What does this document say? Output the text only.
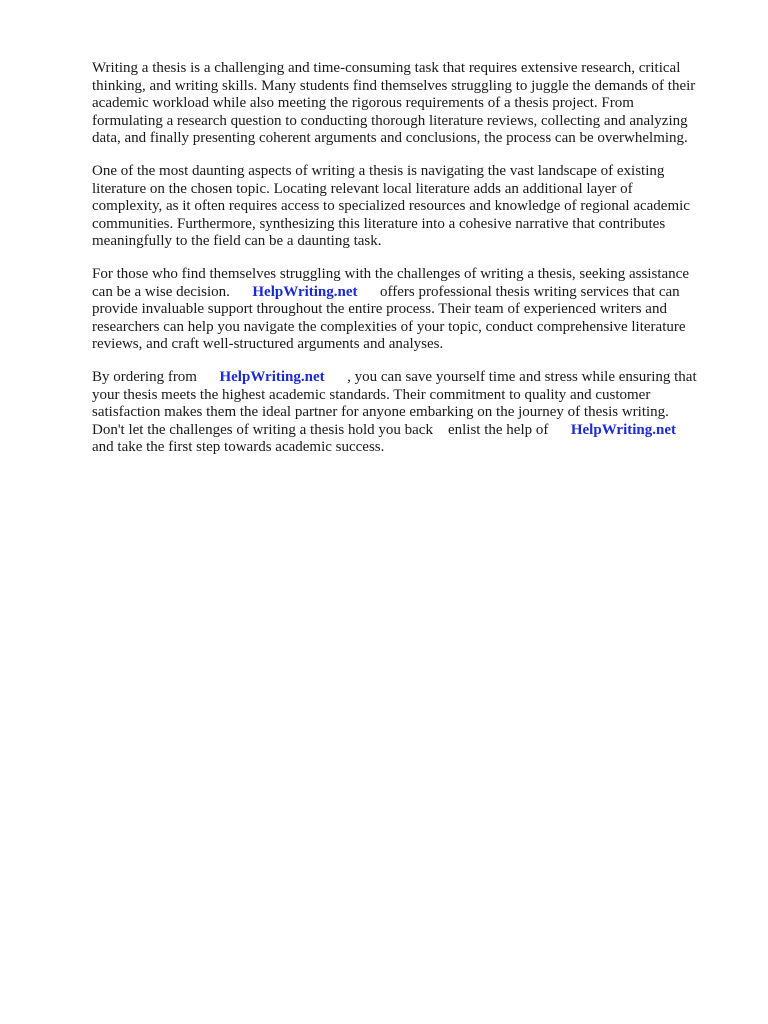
Writing a thesis is a challenging and time-consuming task that requires extensive research, critical
thinking, and writing skills. Many students find themselves struggling to juggle the demands of their
academic workload while also meeting the rigorous requirements of a thesis project. From
formulating a research question to conducting thorough literature reviews, collecting and analyzing
data, and finally presenting coherent arguments and conclusions, the process can be overwhelming.
One of the most daunting aspects of writing a thesis is navigating the vast landscape of existing
literature on the chosen topic. Locating relevant local literature adds an additional layer of
complexity, as it often requires access to specialized resources and knowledge of regional academic
communities. Furthermore, synthesizing this literature into a cohesive narrative that contributes
meaningfully to the field can be a daunting task.
For those who find themselves struggling with the challenges of writing a thesis, seeking assistance
can be a wise decision.      HelpWriting.net      offers professional thesis writing services that can
provide invaluable support throughout the entire process. Their team of experienced writers and
researchers can help you navigate the complexities of your topic, conduct comprehensive literature
reviews, and craft well-structured arguments and analyses.
By ordering from      HelpWriting.net      , you can save yourself time and stress while ensuring that
your thesis meets the highest academic standards. Their commitment to quality and customer
satisfaction makes them the ideal partner for anyone embarking on the journey of thesis writing.
Don't let the challenges of writing a thesis hold you back    enlist the help of      HelpWriting.net
and take the first step towards academic success.
